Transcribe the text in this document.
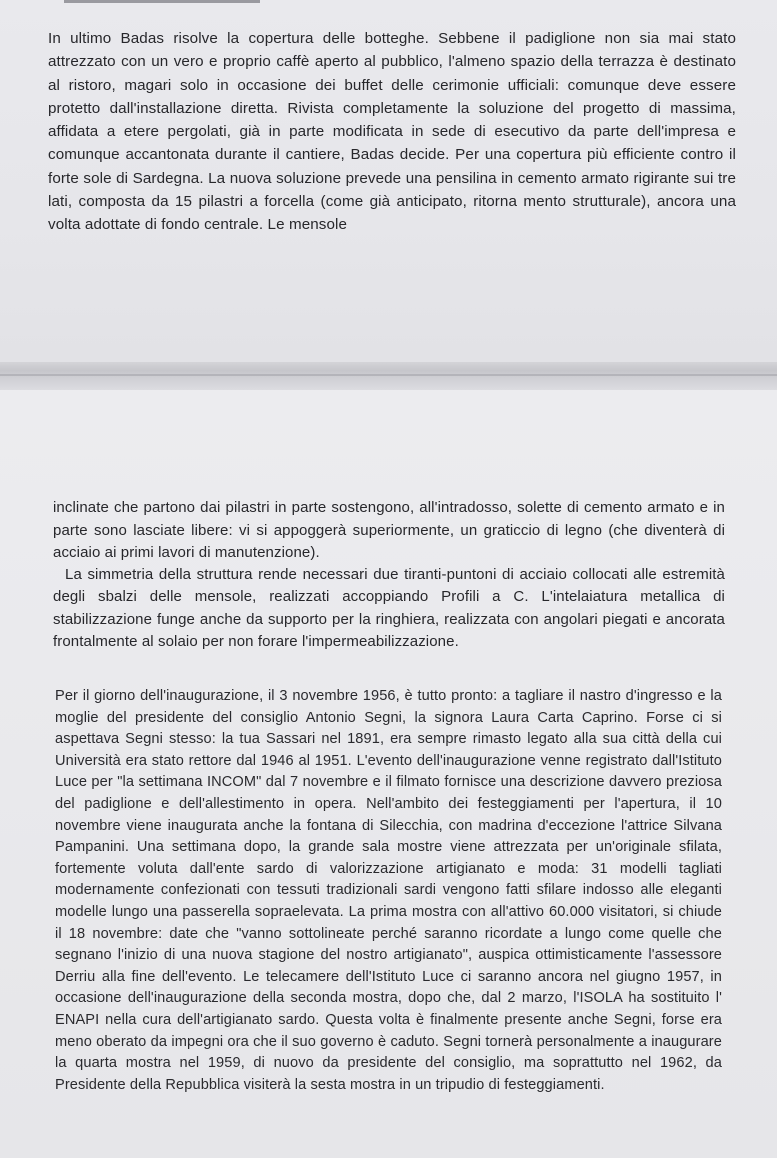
In ultimo Badas risolve la copertura delle botteghe. Sebbene il padiglione non sia mai stato attrezzato con un vero e proprio caffè aperto al pubblico, l'almeno spazio della terrazza è destinato al ristoro, magari solo in occasione dei buffet delle cerimonie ufficiali: comunque deve essere protetto dall'installazione diretta. Rivista completamente la soluzione del progetto di massima, affidata a etere pergolati, già in parte modificata in sede di esecutivo da parte dell'impresa e comunque accantonata durante il cantiere, Badas decide. Per una copertura più efficiente contro il forte sole di Sardegna. La nuova soluzione prevede una pensilina in cemento armato rigirante sui tre lati, composta da 15 pilastri a forcella (come già anticipato, ritorna mento strutturale), ancora una volta adottate di fondo centrale. Le mensole

inclinate che partono dai pilastri in parte sostengono, all'intradosso, solette di cemento armato e in parte sono lasciate libere: vi si appoggerà superiormente, un graticcio di legno (che diventerà di acciaio ai primi lavori di manutenzione).

La simmetria della struttura rende necessari due tiranti-puntoni di acciaio collocati alle estremità degli sbalzi delle mensole, realizzati accoppiando Profili a C. L'intelaiatura metallica di stabilizzazione funge anche da supporto per la ringhiera, realizzata con angolari piegati e ancorata frontalmente al solaio per non forare l'impermeabilizzazione.

Per il giorno dell'inaugurazione, il 3 novembre 1956, è tutto pronto: a tagliare il nastro d'ingresso e la moglie del presidente del consiglio Antonio Segni, la signora Laura Carta Caprino. Forse ci si aspettava Segni stesso: la tua Sassari nel 1891, era sempre rimasto legato alla sua città della cui Università era stato rettore dal 1946 al 1951. L'evento dell'inaugurazione venne registrato dall'Istituto Luce per "la settimana INCOM" dal 7 novembre e il filmato fornisce una descrizione davvero preziosa del padiglione e dell'allestimento in opera. Nell'ambito dei festeggiamenti per l'apertura, il 10 novembre viene inaugurata anche la fontana di Silecchia, con madrina d'eccezione l'attrice Silvana Pampanini. Una settimana dopo, la grande sala mostre viene attrezzata per un'originale sfilata, fortemente voluta dall'ente sardo di valorizzazione artigianato e moda: 31 modelli tagliati modernamente confezionati con tessuti tradizionali sardi vengono fatti sfilare indosso alle eleganti modelle lungo una passerella sopraelevata. La prima mostra con all'attivo 60.000 visitatori, si chiude il 18 novembre: date che "vanno sottolineate perché saranno ricordate a lungo come quelle che segnano l'inizio di una nuova stagione del nostro artigianato", auspica ottimisticamente l'assessore Derriu alla fine dell'evento. Le telecamere dell'Istituto Luce ci saranno ancora nel giugno 1957, in occasione dell'inaugurazione della seconda mostra, dopo che, dal 2 marzo, l'ISOLA ha sostituito l' ENAPI nella cura dell'artigianato sardo. Questa volta è finalmente presente anche Segni, forse era meno oberato da impegni ora che il suo governo è caduto. Segni tornerà personalmente a inaugurare la quarta mostra nel 1959, di nuovo da presidente del consiglio, ma soprattutto nel 1962, da Presidente della Repubblica visiterà la sesta mostra in un tripudio di festeggiamenti.
